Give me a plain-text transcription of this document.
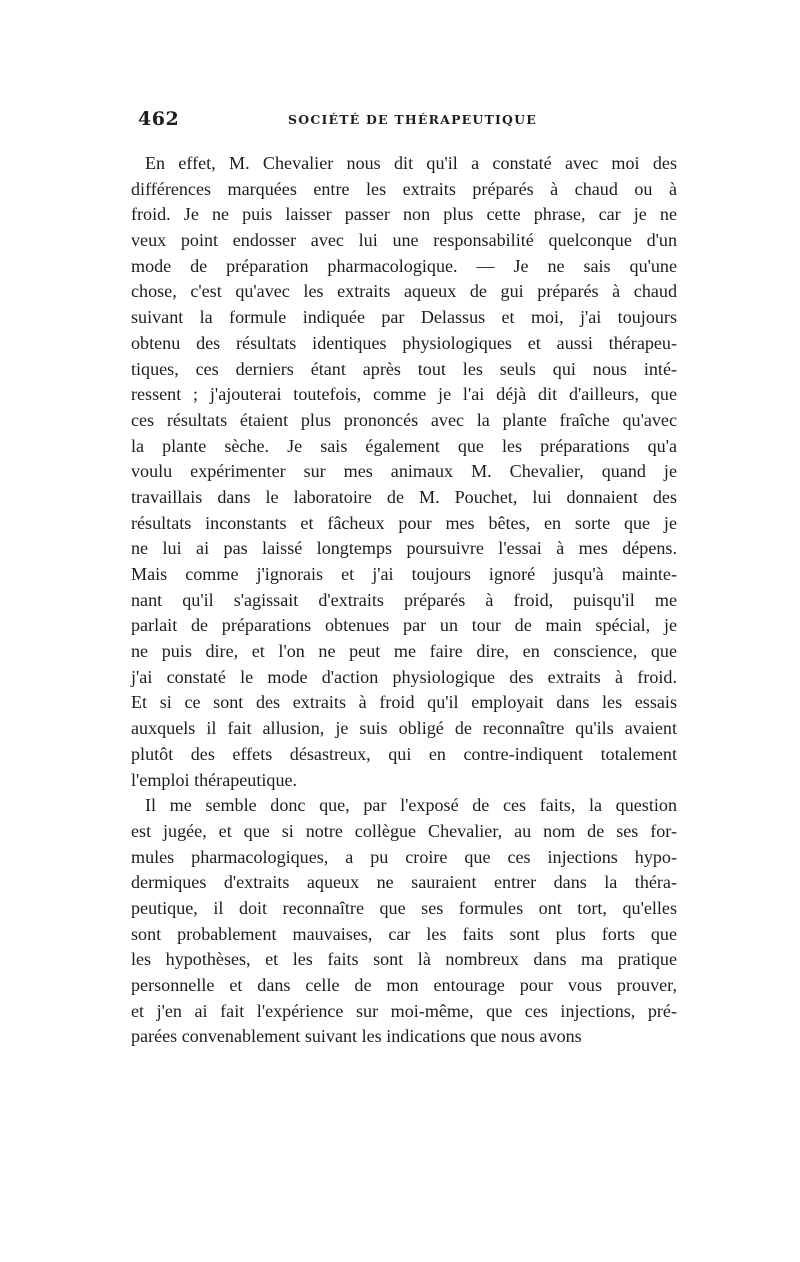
462	SOCIÉTÉ DE THÉRAPEUTIQUE
En effet, M. Chevalier nous dit qu'il a constaté avec moi des
différences marquées entre les extraits préparés à chaud ou à
froid. Je ne puis laisser passer non plus cette phrase, car je ne
veux point endosser avec lui une responsabilité quelconque d'un
mode de préparation pharmacologique. — Je ne sais qu'une
chose, c'est qu'avec les extraits aqueux de gui préparés à chaud
suivant la formule indiquée par Delassus et moi, j'ai toujours
obtenu des résultats identiques physiologiques et aussi thérapeu-
tiques, ces derniers étant après tout les seuls qui nous inté-
ressent ; j'ajouterai toutefois, comme je l'ai déjà dit d'ailleurs, que
ces résultats étaient plus prononcés avec la plante fraîche qu'avec
la plante sèche. Je sais également que les préparations qu'a
voulu expérimenter sur mes animaux M. Chevalier, quand je
travaillais dans le laboratoire de M. Pouchet, lui donnaient des
résultats inconstants et fâcheux pour mes bêtes, en sorte que je
ne lui ai pas laissé longtemps poursuivre l'essai à mes dépens.
Mais comme j'ignorais et j'ai toujours ignoré jusqu'à mainte-
nant qu'il s'agissait d'extraits préparés à froid, puisqu'il me
parlait de préparations obtenues par un tour de main spécial, je
ne puis dire, et l'on ne peut me faire dire, en conscience, que
j'ai constaté le mode d'action physiologique des extraits à froid.
Et si ce sont des extraits à froid qu'il employait dans les essais
auxquels il fait allusion, je suis obligé de reconnaître qu'ils avaient
plutôt des effets désastreux, qui en contre-indiquent totalement
l'emploi thérapeutique.
Il me semble donc que, par l'exposé de ces faits, la question
est jugée, et que si notre collègue Chevalier, au nom de ses for-
mules pharmacologiques, a pu croire que ces injections hypo-
dermiques d'extraits aqueux ne sauraient entrer dans la théra-
peutique, il doit reconnaître que ses formules ont tort, qu'elles
sont probablement mauvaises, car les faits sont plus forts que
les hypothèses, et les faits sont là nombreux dans ma pratique
personnelle et dans celle de mon entourage pour vous prouver,
et j'en ai fait l'expérience sur moi-même, que ces injections, pré-
parées convenablement suivant les indications que nous avons
